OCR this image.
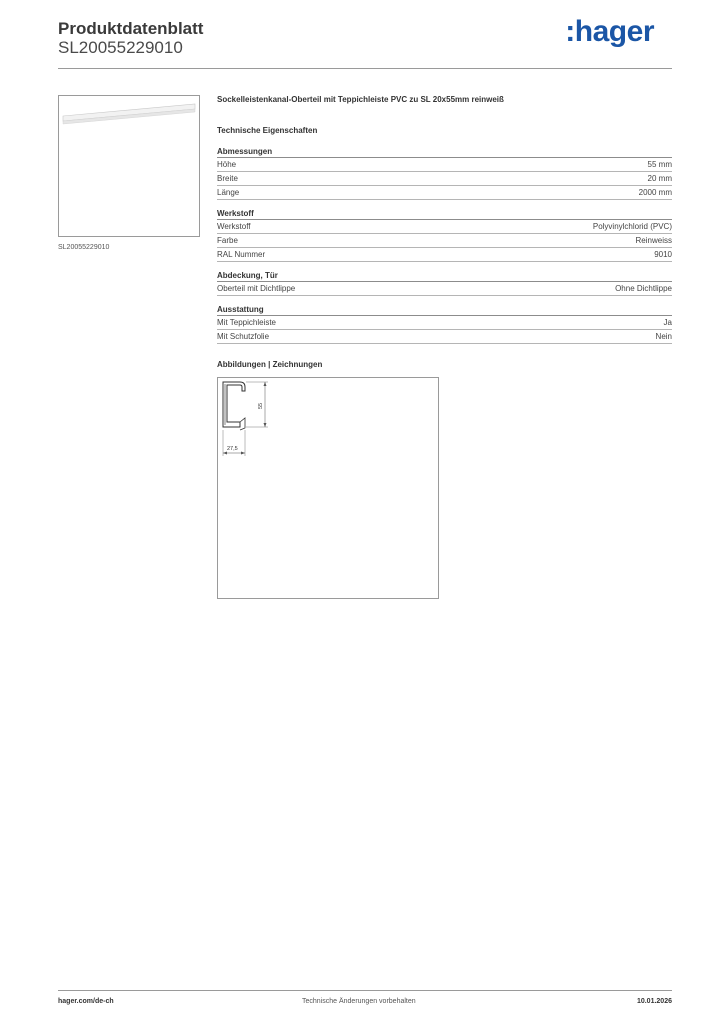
Produktdatenblatt
SL20055229010	:hager
SL20055229010
Sockelleistenkanal-Oberteil mit Teppichleiste PVC zu SL 20x55mm reinweiß
Technische Eigenschaften
Abmessungen
Höhe	55 mm
Breite	20 mm
Länge	2000 mm
Werkstoff
Werkstoff	Polyvinylchlorid (PVC)
Farbe	Reinweiss
RAL Nummer	9010
Abdeckung, Tür
Oberteil mit Dichtlippe	Ohne Dichtlippe
Ausstattung
Mit Teppichleiste	Ja
Mit Schutzfolie	Nein
Abbildungen | Zeichnungen
55
27,5
hager.com/de-ch	Technische Änderungen vorbehalten	10.01.2026
